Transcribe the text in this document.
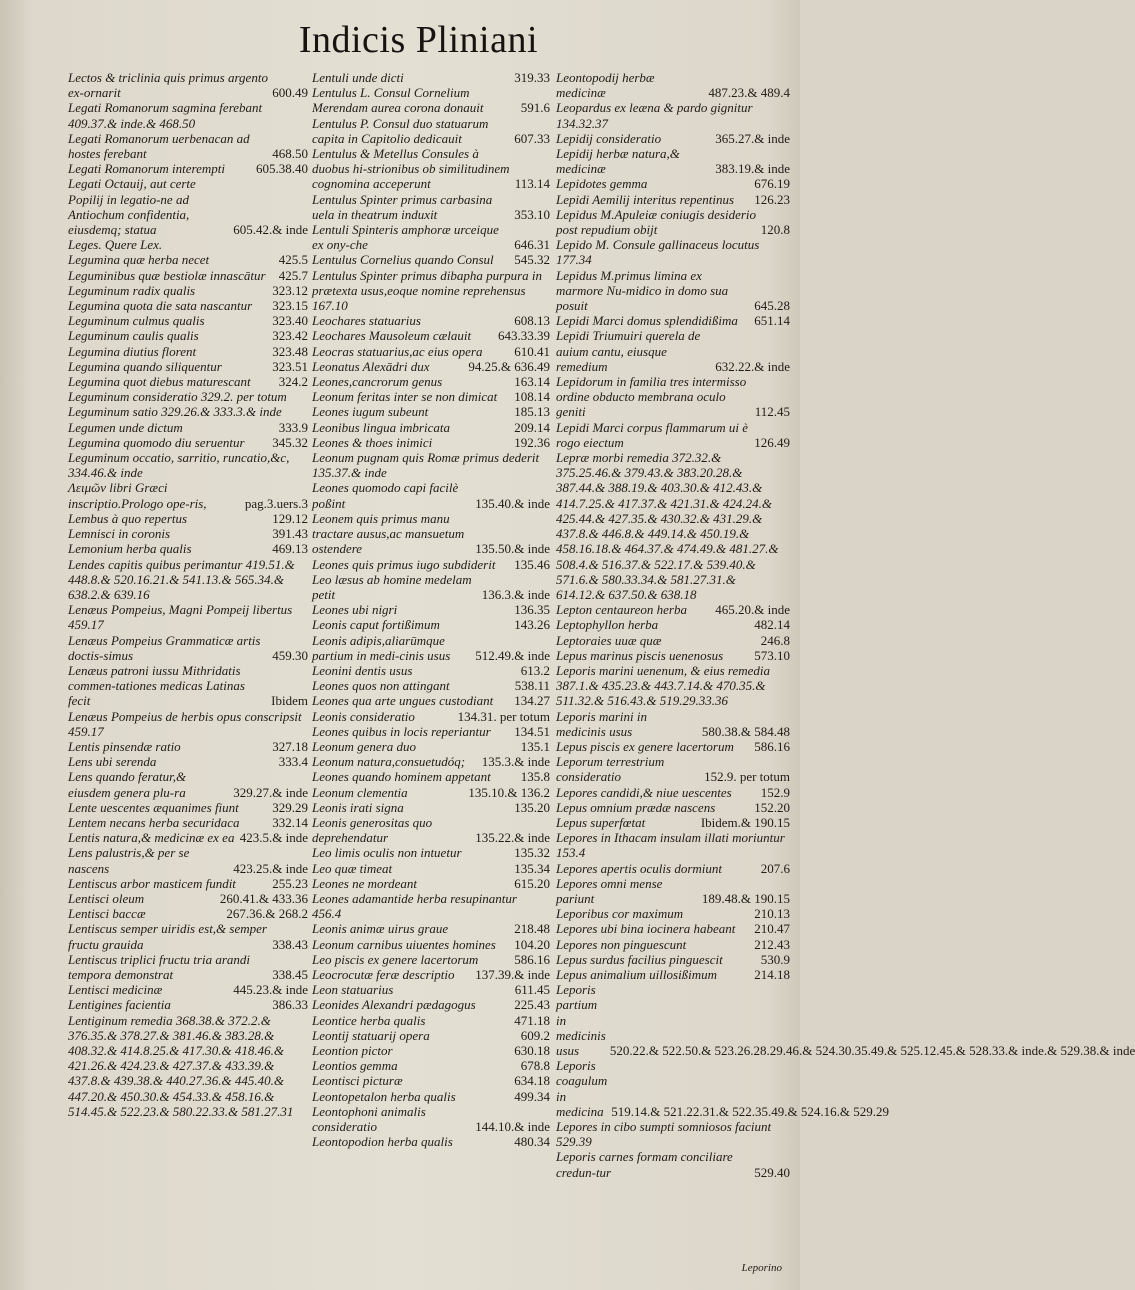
Indicis Pliniani
Lectos & triclinia quis primus argento ex-ornarit	600.49
Legati Romanorum sagmina ferebant 409.37.& inde.& 468.50
Legati Romanorum uerbenacan ad hostes ferebant	468.50
Legati Romanorum interempti	605.38.40
Legati Octauij, aut certe Popilij in legatio-ne ad Antiochum confidentia, eiusdemq; statua	605.42.& inde
Leges. Quere Lex.
Legumina quæ herba necet	425.5
Leguminibus quæ bestiolæ innascātur	425.7
Leguminum radix qualis	323.12
Legumina quota die sata nascantur	323.15
Leguminum culmus qualis	323.40
Leguminum caulis qualis	323.42
Legumina diutius florent	323.48
Legumina quando siliquentur	323.51
Legumina quot diebus maturescant	324.2
Leguminum consideratio 329.2. per totum
Leguminum satio 329.26.& 333.3.& inde
Legumen unde dictum	333.9
Legumina quomodo diu seruentur	345.32
Leguminum occatio, sarritio, runcatio,&c, 334.46.& inde
Λειμῶν libri Græci inscriptio.Prologo ope-ris,	pag.3.uers.3
Lembus à quo repertus	129.12
Lemnisci in coronis	391.43
Lemonium herba qualis	469.13
Lendes capitis quibus perimantur 419.51.& 448.8.& 520.16.21.& 541.13.& 565.34.& 638.2.& 639.16
Lenæus Pompeius, Magni Pompeij libertus 459.17
Lenæus Pompeius Grammaticæ artis doctis-simus	459.30
Lenæus patroni iussu Mithridatis commen-tationes medicas Latinas fecit	Ibidem
Lenæus Pompeius de herbis opus conscripsit 459.17
Lentis pinsendæ ratio	327.18
Lens ubi serenda	333.4
Lens quando feratur,& eiusdem genera plu-ra	329.27.& inde
Lente uescentes æquanimes fiunt	329.29
Lentem necans herba securidaca	332.14
Lentis natura,& medicinæ ex ea 423.5.& inde
Lens palustris,& per se nascens	423.25.& inde
Lentiscus arbor masticem fundit	255.23
Lentisci oleum	260.41.& 433.36
Lentisci baccæ	267.36.& 268.2
Lentiscus semper uiridis est,& semper fructu grauida	338.43
Lentiscus triplici fructu tria arandi tempora demonstrat	338.45
Lentisci medicinæ	445.23.& inde
Lentigines facientia	386.33
Lentiginum remedia 368.38.& 372.2.& 376.35.& 378.27.& 381.46.& 383.28.& 408.32.& 414.8.25.& 417.30.& 418.46.& 421.26.& 424.23.& 427.37.& 433.39.& 437.8.& 439.38.& 440.27.36.& 445.40.& 447.20.& 450.30.& 454.33.& 458.16.& 514.45.& 522.23.& 580.22.33.& 581.27.31
Lentuli unde dicti	319.33
Lentulus L. Consul Cornelium Merendam aurea corona donauit	591.6
Lentulus P. Consul duo statuarum capita in Capitolio dedicauit	607.33
Lentulus & Metellus Consules à duobus hi-strionibus ob similitudinem cognomina acceperunt	113.14
Lentulus Spinter primus carbasina uela in theatrum induxit	353.10
Lentuli Spinteris amphoræ urceique ex ony-che	646.31
Lentulus Cornelius quando Consul	545.32
Lentulus Spinter primus dibapha purpura in prætexta usus,eoque nomine reprehensus 167.10
Leochares statuarius	608.13
Leochares Mausoleum cælauit	643.33.39
Leocras statuarius,ac eius opera	610.41
Leonatus Alexādri dux	94.25.& 636.49
Leones,cancrorum genus	163.14
Leonum feritas inter se non dimicat	108.14
Leones iugum subeunt	185.13
Leonibus lingua imbricata	209.14
Leones & thoes inimici	192.36
Leonum pugnam quis Romæ primus dederit 135.37.& inde
Leones quomodo capi facilè poßint	135.40.& inde
Leonem quis primus manu tractare ausus,ac mansuetum ostendere	135.50.& inde
Leones quis primus iugo subdiderit	135.46
Leo læsus ab homine medelam petit	136.3.& inde
Leones ubi nigri	136.35
Leonis caput fortißimum	143.26
Leonis adipis,aliarūmque partium in medi-cinis usus	512.49.& inde
Leonini dentis usus	613.2
Leones quos non attingant	538.11
Leones qua arte ungues custodiant	134.27
Leonis consideratio	134.31. per totum
Leones quibus in locis reperiantur	134.51
Leonum genera duo	135.1
Leonum natura,consuetudóq;	135.3.& inde
Leones quando hominem appetant	135.8
Leonum clementia	135.10.& 136.2
Leonis irati signa	135.20
Leonis generositas quo deprehendatur	135.22.& inde
Leo limis oculis non intuetur	135.32
Leo quæ timeat	135.34
Leones ne mordeant	615.20
Leones adamantide herba resupinantur 456.4
Leonis animæ uirus graue	218.48
Leonum carnibus uiuentes homines	104.20
Leo piscis ex genere lacertorum	586.16
Leocrocutæ feræ descriptio	137.39.& inde
Leon statuarius	611.45
Leonides Alexandri pædagogus	225.43
Leontice herba qualis	471.18
Leontij statuarij opera	609.2
Leontion pictor	630.18
Leontios gemma	678.8
Leontisci picturæ	634.18
Leontopetalon herba qualis	499.34
Leontophoni animalis consideratio	144.10.& inde
Leontopodion herba qualis	480.34
Leontopodij herbæ medicinæ	487.23.& 489.4
Leopardus ex leæna & pardo gignitur 134.32.37
Lepidij consideratio	365.27.& inde
Lepidij herbæ natura,& medicinæ	383.19.& inde
Lepidotes gemma	676.19
Lepidi Aemilij interitus repentinus	126.23
Lepidus M.Apuleiæ coniugis desiderio post repudium obijt	120.8
Lepido M. Consule gallinaceus locutus 177.34
Lepidus M.primus limina ex marmore Nu-midico in domo sua posuit	645.28
Lepidi Marci domus splendidißima	651.14
Lepidi Triumuiri querela de auium cantu, eiusque remedium	632.22.& inde
Lepidorum in familia tres intermisso ordine obducto membrana oculo geniti	112.45
Lepidi Marci corpus flammarum ui è rogo eiectum	126.49
Lepræ morbi remedia 372.32.& 375.25.46.& 379.43.& 383.20.28.& 387.44.& 388.19.& 403.30.& 412.43.& 414.7.25.& 417.37.& 421.31.& 424.24.& 425.44.& 427.35.& 430.32.& 431.29.& 437.8.& 446.8.& 449.14.& 450.19.& 458.16.18.& 464.37.& 474.49.& 481.27.& 508.4.& 516.37.& 522.17.& 539.40.& 571.6.& 580.33.34.& 581.27.31.& 614.12.& 637.50.& 638.18
Lepton centaureon herba	465.20.& inde
Leptophyllon herba	482.14
Leptoraies uuæ quæ	246.8
Lepus marinus piscis uenenosus	573.10
Leporis marini uenenum, & eius remedia 387.1.& 435.23.& 443.7.14.& 470.35.& 511.32.& 516.43.& 519.29.33.36
Leporis marini in medicinis usus	580.38.& 584.48
Lepus piscis ex genere lacertorum	586.16
Leporum terrestrium consideratio	152.9. per totum
Lepores candidi,& niue uescentes	152.9
Lepus omnium prædæ nascens	152.20
Lepus superfœtat	Ibidem.& 190.15
Lepores in Ithacam insulam illati moriuntur 153.4
Lepores apertis oculis dormiunt	207.6
Lepores omni mense pariunt	189.48.& 190.15
Leporibus cor maximum	210.13
Lepores ubi bina iocinera habeant	210.47
Lepores non pinguescunt	212.43
Lepus surdus facilius pinguescit	530.9
Lepus animalium uillosißimum	214.18
Leporis partium in medicinis usus	520.22.& 522.50.& 523.26.28.29.46.& 524.30.35.49.& 525.12.45.& 528.33.& inde.& 529.38.& inde
Leporis coagulum in medicina 519.14.& 521.22.31.& 522.35.49.& 524.16.& 529.29
Lepores in cibo sumpti somniosos faciunt 529.39
Leporis carnes formam conciliare credun-tur	529.40
Leporino
